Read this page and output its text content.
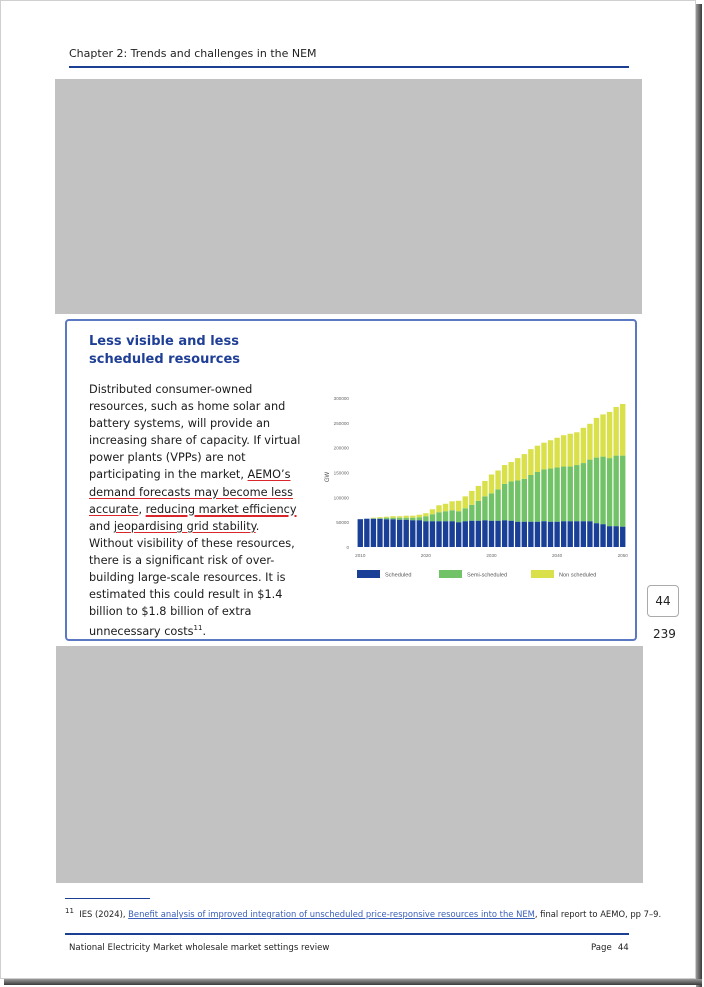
Chapter 2: Trends and challenges in the NEM
Less visible and less
scheduled resources
Distributed consumer-owned resources, such as home solar and battery systems, will provide an increasing share of capacity. If virtual power plants (VPPs) are not participating in the market, AEMO’s demand forecasts may become less accurate, reducing market efficiency and jeopardising grid stability. Without visibility of these resources, there is a significant risk of over-building large-scale resources. It is estimated this could result in $1.4 billion to $1.8 billion of extra unnecessary costs$^{11}$.
0
50000
100000
150000
200000
250000
300000
2010	2020	2030	2040	2050
Scheduled	Semi-scheduled	Non scheduled
GW
44
239
$^{11}$ IES (2024), Benefit analysis of improved integration of unscheduled price-responsive resources into the NEM, final report to AEMO, pp 7–9.
National Electricity Market wholesale market settings review	Page 44
